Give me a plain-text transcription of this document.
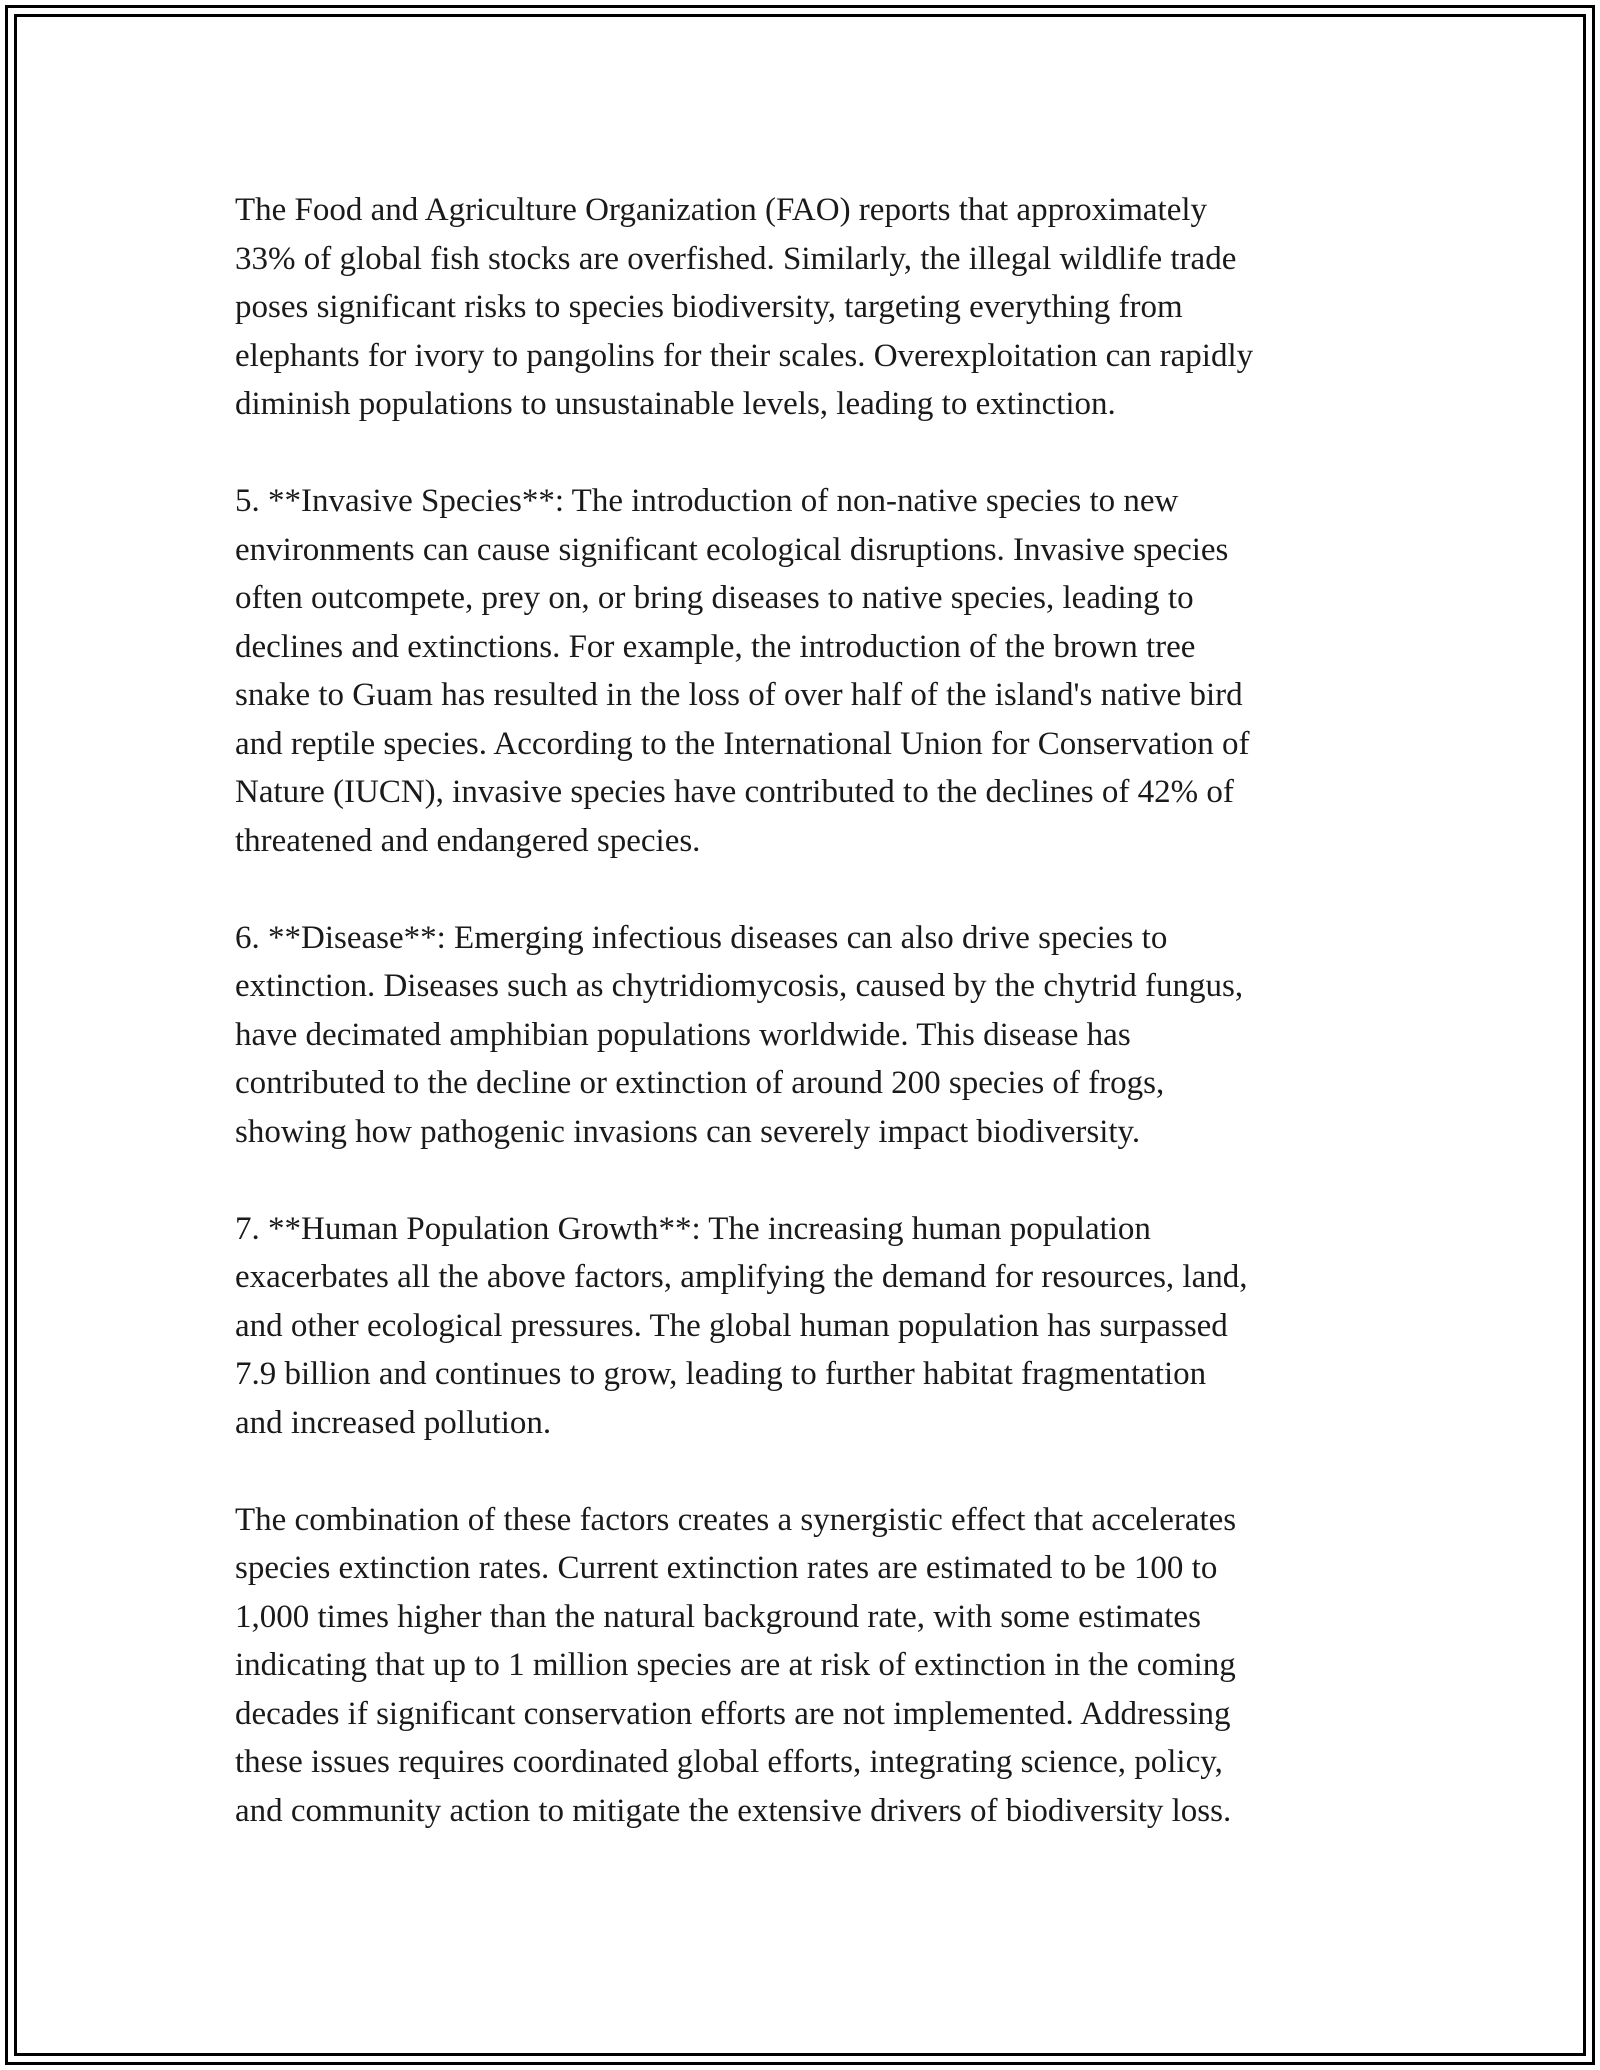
The Food and Agriculture Organization (FAO) reports that approximately
33% of global fish stocks are overfished. Similarly, the illegal wildlife trade
poses significant risks to species biodiversity, targeting everything from
elephants for ivory to pangolins for their scales. Overexploitation can rapidly
diminish populations to unsustainable levels, leading to extinction.

5. **Invasive Species**: The introduction of non-native species to new
environments can cause significant ecological disruptions. Invasive species
often outcompete, prey on, or bring diseases to native species, leading to
declines and extinctions. For example, the introduction of the brown tree
snake to Guam has resulted in the loss of over half of the island's native bird
and reptile species. According to the International Union for Conservation of
Nature (IUCN), invasive species have contributed to the declines of 42% of
threatened and endangered species.

6. **Disease**: Emerging infectious diseases can also drive species to
extinction. Diseases such as chytridiomycosis, caused by the chytrid fungus,
have decimated amphibian populations worldwide. This disease has
contributed to the decline or extinction of around 200 species of frogs,
showing how pathogenic invasions can severely impact biodiversity.

7. **Human Population Growth**: The increasing human population
exacerbates all the above factors, amplifying the demand for resources, land,
and other ecological pressures. The global human population has surpassed
7.9 billion and continues to grow, leading to further habitat fragmentation
and increased pollution.

The combination of these factors creates a synergistic effect that accelerates
species extinction rates. Current extinction rates are estimated to be 100 to
1,000 times higher than the natural background rate, with some estimates
indicating that up to 1 million species are at risk of extinction in the coming
decades if significant conservation efforts are not implemented. Addressing
these issues requires coordinated global efforts, integrating science, policy,
and community action to mitigate the extensive drivers of biodiversity loss.
